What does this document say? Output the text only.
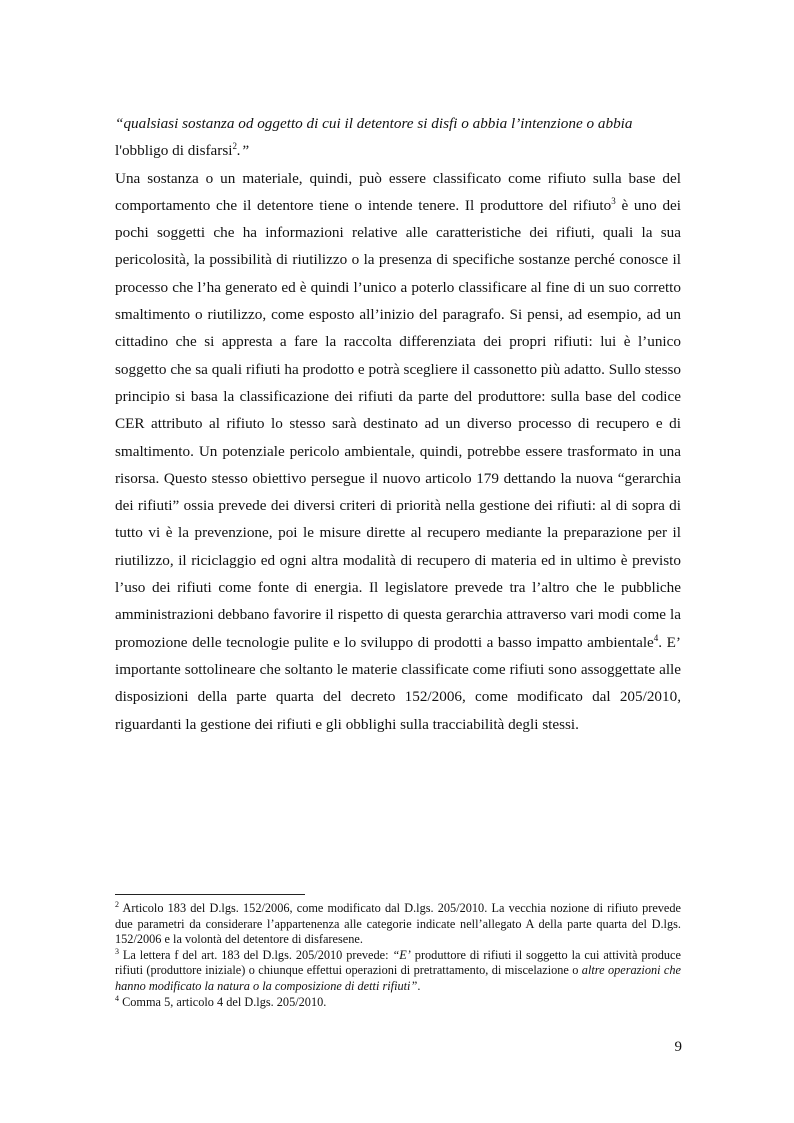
“qualsiasi sostanza od oggetto di cui il detentore si disfi o abbia l’intenzione o abbia
l'obbligo di disfarsi$^2$.”

Una sostanza o un materiale, quindi, può essere classificato come rifiuto sulla base del comportamento che il detentore tiene o intende tenere. Il produttore del rifiuto$^3$ è uno dei pochi soggetti che ha informazioni relative alle caratteristiche dei rifiuti, quali la sua pericolosità, la possibilità di riutilizzo o la presenza di specifiche sostanze perché conosce il processo che l’ha generato ed è quindi l’unico a poterlo classificare al fine di un suo corretto smaltimento o riutilizzo, come esposto all’inizio del paragrafo. Si pensi, ad esempio, ad un cittadino che si appresta a fare la raccolta differenziata dei propri rifiuti: lui è l’unico soggetto che sa quali rifiuti ha prodotto e potrà scegliere il cassonetto più adatto. Sullo stesso principio si basa la classificazione dei rifiuti da parte del produttore: sulla base del codice CER attributo al rifiuto lo stesso sarà destinato ad un diverso processo di recupero e di smaltimento. Un potenziale pericolo ambientale, quindi, potrebbe essere trasformato in una risorsa. Questo stesso obiettivo persegue il nuovo articolo 179 dettando la nuova “gerarchia dei rifiuti” ossia prevede dei diversi criteri di priorità nella gestione dei rifiuti: al di sopra di tutto vi è la prevenzione, poi le misure dirette al recupero mediante la preparazione per il riutilizzo, il riciclaggio ed ogni altra modalità di recupero di materia ed in ultimo è previsto l’uso dei rifiuti come fonte di energia. Il legislatore prevede tra l’altro che le pubbliche amministrazioni debbano favorire il rispetto di questa gerarchia attraverso vari modi come la promozione delle tecnologie pulite e lo sviluppo di prodotti a basso impatto ambientale$^4$. E’ importante sottolineare che soltanto le materie classificate come rifiuti sono assoggettate alle disposizioni della parte quarta del decreto 152/2006, come modificato dal 205/2010, riguardanti la gestione dei rifiuti e gli obblighi sulla tracciabilità degli stessi.

$^2$ Articolo 183 del D.lgs. 152/2006, come modificato dal D.lgs. 205/2010. La vecchia nozione di rifiuto prevede due parametri da considerare l’appartenenza alle categorie indicate nell’allegato A della parte quarta del D.lgs. 152/2006 e la volontà del detentore di disfaresene.

$^3$ La lettera f del art. 183 del D.lgs. 205/2010 prevede: “E’ produttore di rifiuti il soggetto la cui attività produce rifiuti (produttore iniziale) o chiunque effettui operazioni di pretrattamento, di miscelazione o altre operazioni che hanno modificato la natura o la composizione di detti rifiuti”.

$^4$ Comma 5, articolo 4 del D.lgs. 205/2010.

9
